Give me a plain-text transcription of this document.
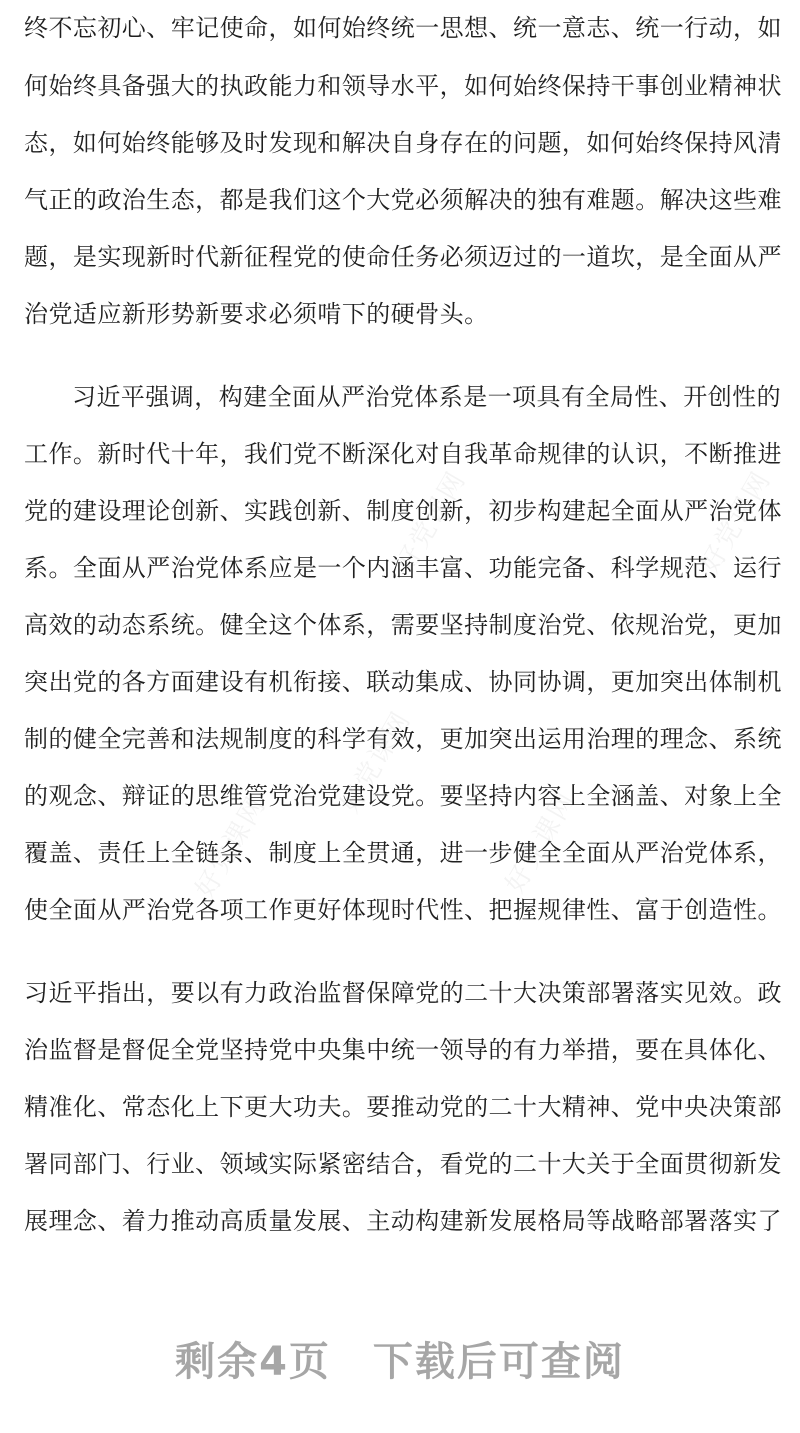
好党课网
好党课网	好党课网
好党课网	好党课网
终不忘初心、牢记使命，如何始终统一思想、统一意志、统一行动，如
何始终具备强大的执政能力和领导水平，如何始终保持干事创业精神状
态，如何始终能够及时发现和解决自身存在的问题，如何始终保持风清
气正的政治生态，都是我们这个大党必须解决的独有难题。解决这些难
题，是实现新时代新征程党的使命任务必须迈过的一道坎，是全面从严
治党适应新形势新要求必须啃下的硬骨头。
习近平强调，构建全面从严治党体系是一项具有全局性、开创性的
工作。新时代十年，我们党不断深化对自我革命规律的认识，不断推进
党的建设理论创新、实践创新、制度创新，初步构建起全面从严治党体
系。全面从严治党体系应是一个内涵丰富、功能完备、科学规范、运行
高效的动态系统。健全这个体系，需要坚持制度治党、依规治党，更加
突出党的各方面建设有机衔接、联动集成、协同协调，更加突出体制机
制的健全完善和法规制度的科学有效，更加突出运用治理的理念、系统
的观念、辩证的思维管党治党建设党。要坚持内容上全涵盖、对象上全
覆盖、责任上全链条、制度上全贯通，进一步健全全面从严治党体系，
使全面从严治党各项工作更好体现时代性、把握规律性、富于创造性。
习近平指出，要以有力政治监督保障党的二十大决策部署落实见效。政
治监督是督促全党坚持党中央集中统一领导的有力举措，要在具体化、
精准化、常态化上下更大功夫。要推动党的二十大精神、党中央决策部
署同部门、行业、领域实际紧密结合，看党的二十大关于全面贯彻新发
展理念、着力推动高质量发展、主动构建新发展格局等战略部署落实了
剩余4页 下载后可查阅
